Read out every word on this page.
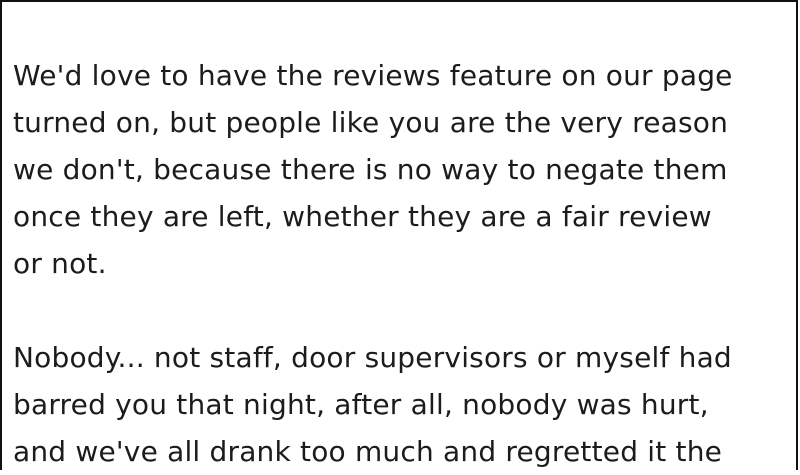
We'd love to have the reviews feature on our page
turned on, but people like you are the very reason
we don't, because there is no way to negate them
once they are left, whether they are a fair review
or not.

Nobody... not staff, door supervisors or myself had
barred you that night, after all, nobody was hurt,
and we've all drank too much and regretted it the
